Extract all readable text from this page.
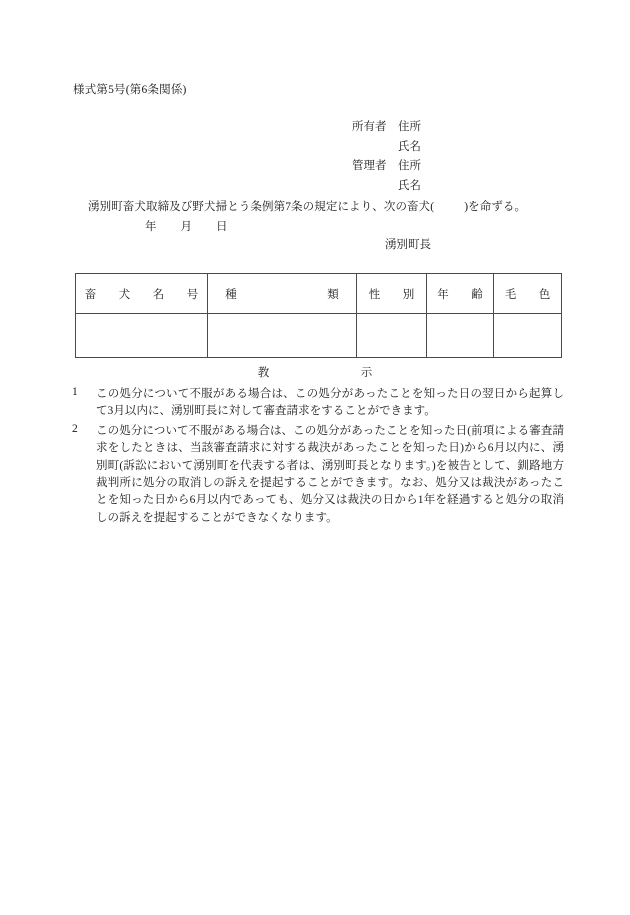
様式第5号(第6条関係)
所有者	住所
氏名
管理者	住所
氏名
湧別町畜犬取締及び野犬掃とう条例第7条の規定により、次の畜犬(	)を命ずる。
年 月 日
湧別町長
畜　犬　名　号	種　　　　　類	性　別	年　齢	毛　色

教　示
1	この処分について不服がある場合は、この処分があったことを知った日の翌日から起算して3月以内に、湧別町長に対して審査請求をすることができます。
2	この処分について不服がある場合は、この処分があったことを知った日(前項による審査請求をしたときは、当該審査請求に対する裁決があったことを知った日)から6月以内に、湧別町(訴訟において湧別町を代表する者は、湧別町長となります。)を被告として、釧路地方裁判所に処分の取消しの訴えを提起することができます。なお、処分又は裁決があったことを知った日から6月以内であっても、処分又は裁決の日から1年を経過すると処分の取消しの訴えを提起することができなくなります。
